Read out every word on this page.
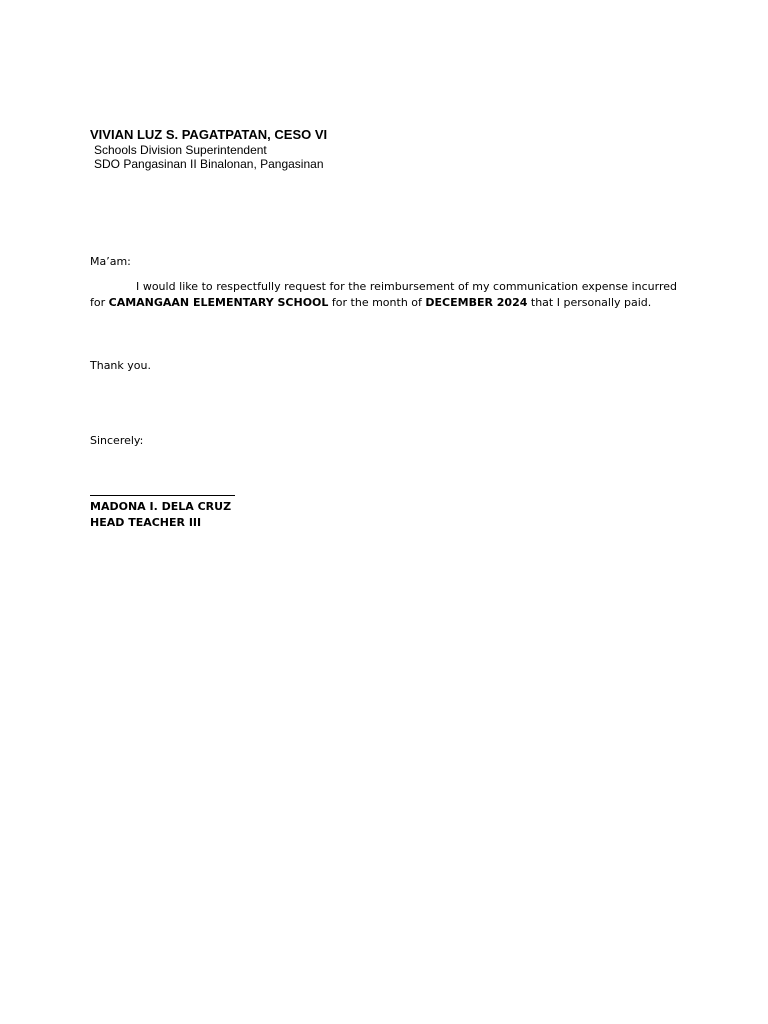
VIVIAN LUZ S. PAGATPATAN, CESO VI
Schools Division Superintendent
SDO Pangasinan II Binalonan, Pangasinan
Ma’am:
I would like to respectfully request for the reimbursement of my communication expense incurred for CAMANGAAN ELEMENTARY SCHOOL for the month of DECEMBER 2024 that I personally paid.
Thank you.
Sincerely:
MADONA I. DELA CRUZ
HEAD TEACHER III
